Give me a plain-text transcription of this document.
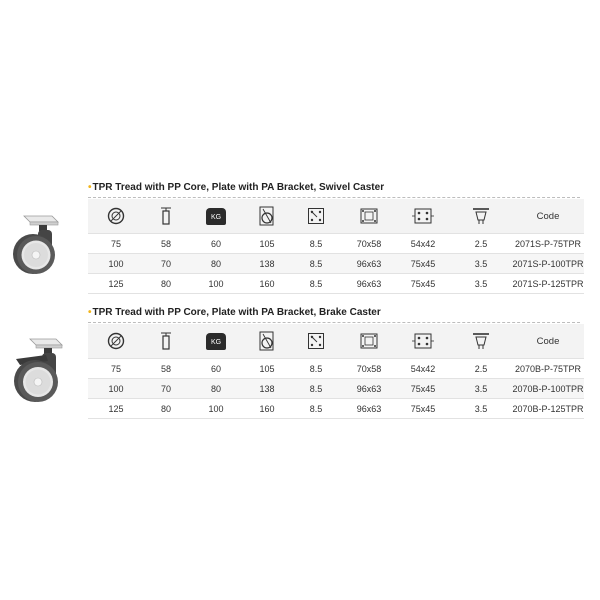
•TPR Tread with PP Core, Plate with PA Bracket, Swivel Caster
		KG						Code
75	58	60	105	8.5	70x58	54x42	2.5	2071S-P-75TPR
100	70	80	138	8.5	96x63	75x45	3.5	2071S-P-100TPR
125	80	100	160	8.5	96x63	75x45	3.5	2071S-P-125TPR
•TPR Tread with PP Core, Plate with PA Bracket, Brake Caster
		KG						Code
75	58	60	105	8.5	70x58	54x42	2.5	2070B-P-75TPR
100	70	80	138	8.5	96x63	75x45	3.5	2070B-P-100TPR
125	80	100	160	8.5	96x63	75x45	3.5	2070B-P-125TPR
